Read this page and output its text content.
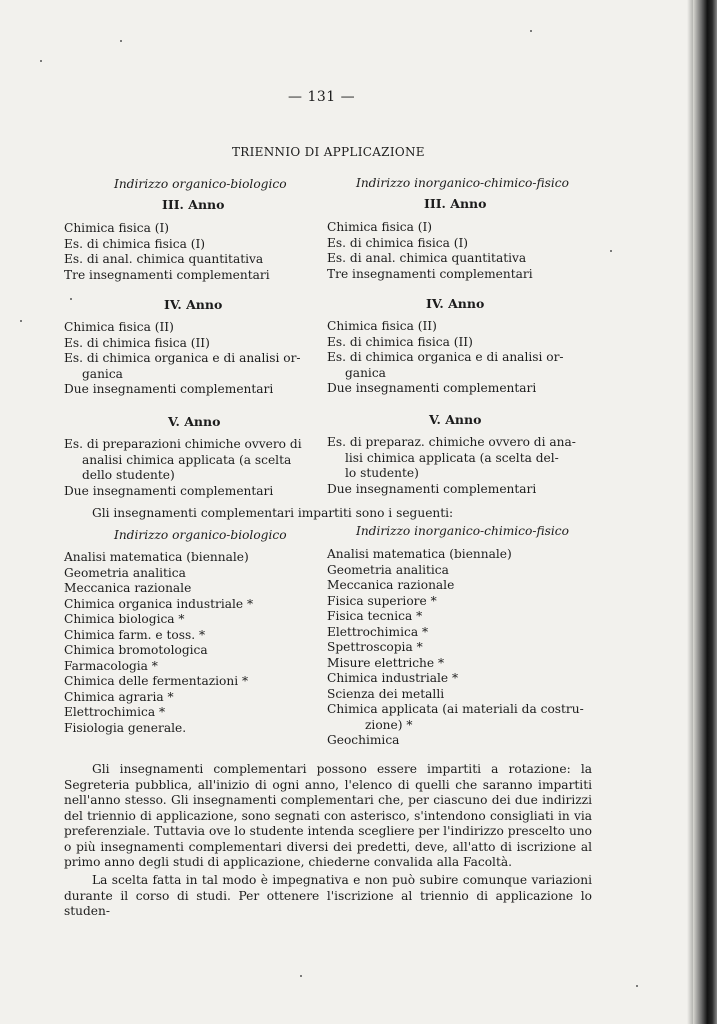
— 131 —
TRIENNIO DI APPLICAZIONE
Indirizzo organico-biologico
III. Anno
Chimica fisica (I)
Es. di chimica fisica (I)
Es. di anal. chimica quantitativa
Tre insegnamenti complementari
IV. Anno
Chimica fisica (II)
Es. di chimica fisica (II)
Es. di chimica organica e di analisi or-
ganica
Due insegnamenti complementari
V. Anno
Es. di preparazioni chimiche ovvero di
analisi chimica applicata (a scelta
dello studente)
Due insegnamenti complementari
Indirizzo inorganico-chimico-fisico
III. Anno
Chimica fisica (I)
Es. di chimica fisica (I)
Es. di anal. chimica quantitativa
Tre insegnamenti complementari
IV. Anno
Chimica fisica (II)
Es. di chimica fisica (II)
Es. di chimica organica e di analisi or-
ganica
Due insegnamenti complementari
V. Anno
Es. di preparaz. chimiche ovvero di ana-
lisi chimica applicata (a scelta del-
lo studente)
Due insegnamenti complementari
Gli insegnamenti complementari impartiti sono i seguenti:
Indirizzo organico-biologico	Indirizzo inorganico-chimico-fisico
Analisi matematica (biennale)
Geometria analitica
Meccanica razionale
Chimica organica industriale *
Chimica biologica *
Chimica farm. e toss. *
Chimica bromotologica
Farmacologia *
Chimica delle fermentazioni *
Chimica agraria *
Elettrochimica *
Fisiologia generale.
Analisi matematica (biennale)
Geometria analitica
Meccanica razionale
Fisica superiore *
Fisica tecnica *
Elettrochimica *
Spettroscopia *
Misure elettriche *
Chimica industriale *
Scienza dei metalli
Chimica applicata (ai materiali da costru-
zione) *
Geochimica

Gli insegnamenti complementari possono essere impartiti a rotazione: la Segreteria pubblica, all'inizio di ogni anno, l'elenco di quelli che saranno impartiti nell'anno stesso. Gli insegnamenti complementari che, per ciascuno dei due indirizzi del triennio di applicazione, sono segnati con asterisco, s'intendono consigliati in via preferenziale. Tuttavia ove lo studente intenda scegliere per l'indirizzo prescelto uno o più insegnamenti complementari diversi dei predetti, deve, all'atto di iscrizione al primo anno degli studi di applicazione, chiederne convalida alla Facoltà.

La scelta fatta in tal modo è impegnativa e non può subire comunque variazioni durante il corso di studi. Per ottenere l'iscrizione al triennio di applicazione lo studen-
